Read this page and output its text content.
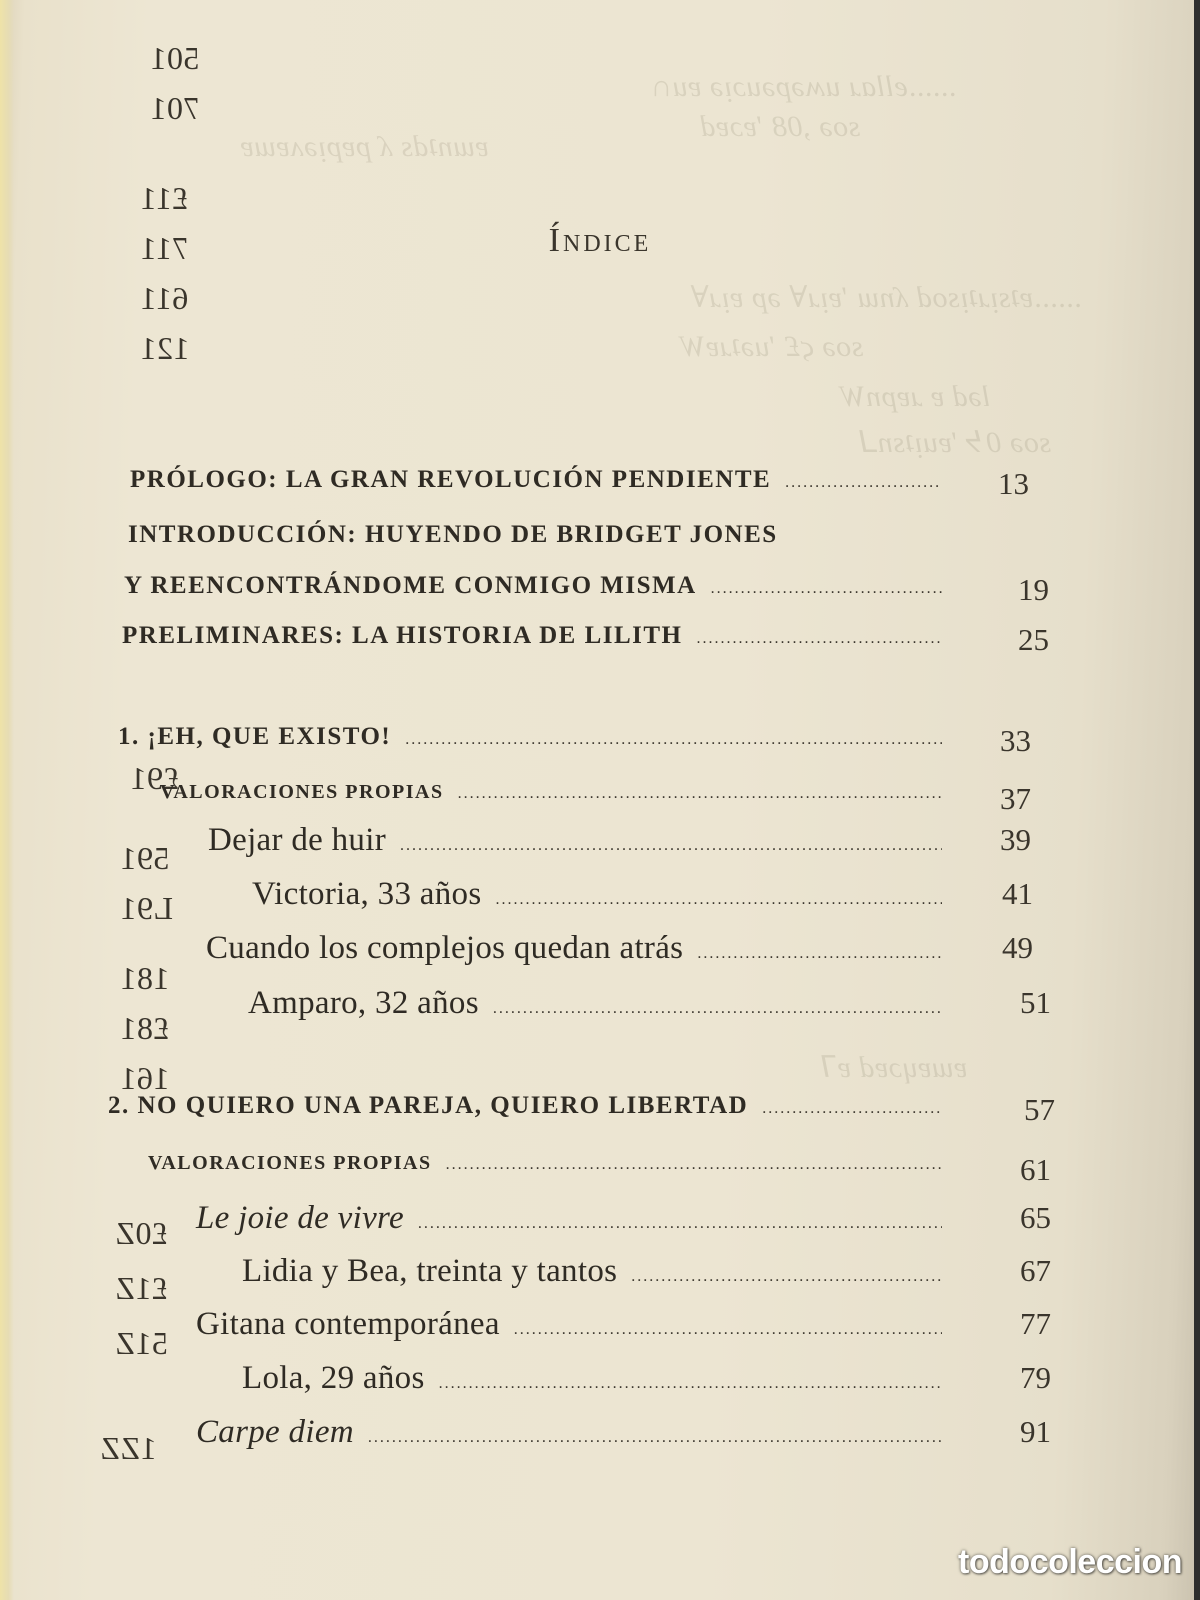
501
701
£11
711
611
121
£91
591
L91
181
£81
161
£0Z
£1Z
51Z
1ZZ
......ellaɹ uʍǝpǝuɔᴉǝ ɐu∩
soǝ ,08 'ɐɔɐd
ɐɯnʇds ʎ pɐpᴉǝʌɐɯɐ
......ɐʇsᴉɹʇᴉsod ʎnɯ 'ɐᴉɹ∀ ǝp ɐᴉɹ∀
soǝ ϛ£ 'uǝʇɹɐW
lǝd ɐ ɹɐpnW
soǝ 0ᔭ 'ɐuᴉʇsn⅃
ɐɯɐɥɔɐd ɐ⅂
Índice
PRÓLOGO: LA GRAN REVOLUCIÓN PENDIENTE .....	13
INTRODUCCIÓN: HUYENDO DE BRIDGET JONES
Y REENCONTRÁNDOME CONMIGO MISMA .....	19
PRELIMINARES: LA HISTORIA DE LILITH .....	25
1. ¡EH, QUE EXISTO! .....	33
VALORACIONES PROPIAS .....	37
Dejar de huir .....	39
Victoria, 33 años .....	41
Cuando los complejos quedan atrás .....	49
Amparo, 32 años .....	51
2. NO QUIERO UNA PAREJA, QUIERO LIBERTAD .....	57
VALORACIONES PROPIAS .....	61
Le joie de vivre .....	65
Lidia y Bea, treinta y tantos .....	67
Gitana contemporánea .....	77
Lola, 29 años .....	79
Carpe diem .....	91
todocoleccion
